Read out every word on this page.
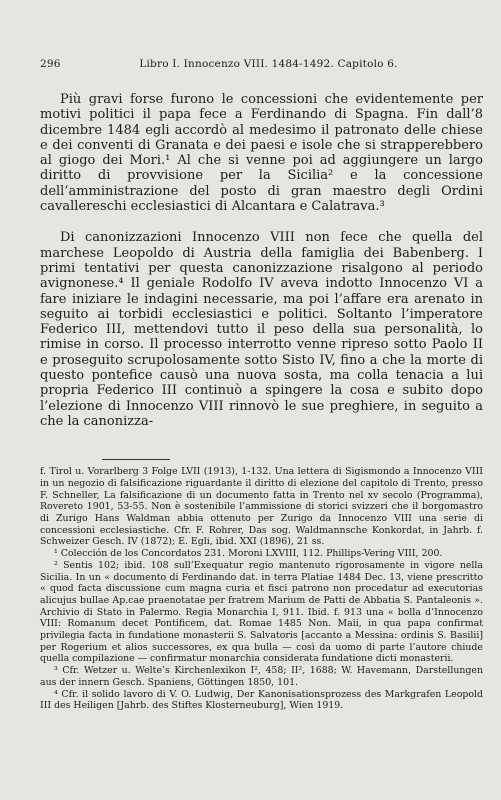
296	Libro I. Innocenzo VIII. 1484-1492. Capitolo 6.

Più gravi forse furono le concessioni che evidentemente per motivi politici il papa fece a Ferdinando di Spagna. Fin dall’8 dicembre 1484 egli accordò al medesimo il patronato delle chiese e dei conventi di Granata e dei paesi e isole che si strapperebbero al giogo dei Mori.¹ Al che si venne poi ad aggiungere un largo diritto di provvisione per la Sicilia² e la concessione dell’amministrazione del posto di gran maestro degli Ordini cavallereschi ecclesiastici di Alcantara e Calatrava.³

Di canonizzazioni Innocenzo VIII non fece che quella del marchese Leopoldo di Austria della famiglia dei Babenberg. I primi tentativi per questa canonizzazione risalgono al periodo avignonese.⁴ Il geniale Rodolfo IV aveva indotto Innocenzo VI a fare iniziare le indagini necessarie, ma poi l’affare era arenato in seguito ai torbidi ecclesiastici e politici. Soltanto l’imperatore Federico III, mettendovi tutto il peso della sua personalità, lo rimise in corso. Il processo interrotto venne ripreso sotto Paolo II e proseguito scrupolosamente sotto Sisto IV, fino a che la morte di questo pontefice causò una nuova sosta, ma colla tenacia a lui propria Federico III continuò a spingere la cosa e subito dopo l’elezione di Innocenzo VIII rinnovò le sue preghiere, in seguito a che la canonizza-

f. Tirol u. Vorarlberg 3 Folge LVII (1913), 1-132. Una lettera di Sigismondo a Innocenzo VIII in un negozio di falsificazione riguardante il diritto di elezione del capitolo di Trento, presso F. Schneller, La falsificazione di un documento fatta in Trento nel xv secolo (Programma), Rovereto 1901, 53-55. Non è sostenibile l’ammissione di storici svizzeri che il borgomastro di Zurigo Hans Waldman abbia ottenuto per Zurigo da Innocenzo VIII una serie di concessioni ecclesiastiche. Cfr. F. Rohrer, Das sog. Waldmannsche Konkordat, in Jahrb. f. Schweizer Gesch. IV (1872); E. Egli, ibid. XXI (1896), 21 ss.

¹ Colección de los Concordatos 231. Moroni LXVIII, 112. Phillips-Vering VIII, 200.

² Sentis 102; ibid. 108 sull’Exequatur regio mantenuto rigorosamente in vigore nella Sicilia. In un « documento di Ferdinando dat. in terra Platiae 1484 Dec. 13, viene prescritto « quod facta discussione cum magna curia et fisci patrono non procedatur ad executorias alicujus bullae Ap.cae praenotatae per fratrem Marium de Patti de Abbatia S. Pantaleonis ». Archivio di Stato in Palermo. Regia Monarchia I, 911. Ibid. f. 913 una « bolla d’Innocenzo VIII: Romanum decet Pontificem, dat. Romae 1485 Non. Maii, in qua papa confirmat privilegia facta in fundatione monasterii S. Salvatoris [accanto a Messina: ordinis S. Basilii] per Rogerium et alios successores, ex qua bulla — così da uomo di parte l’autore chiude quella compilazione — confirmatur monarchia considerata fundatione dicti monasterii.

³ Cfr. Wetzer u. Welte’s Kirchenlexikon I², 458; II², 1688; W. Havemann, Darstellungen aus der innern Gesch. Spaniens, Göttingen 1850, 101.

⁴ Cfr. il solido lavoro di V. O. Ludwig, Der Kanonisationsprozess des Markgrafen Leopold III des Heiligen [Jahrb. des Stiftes Klosterneuburg], Wien 1919.
